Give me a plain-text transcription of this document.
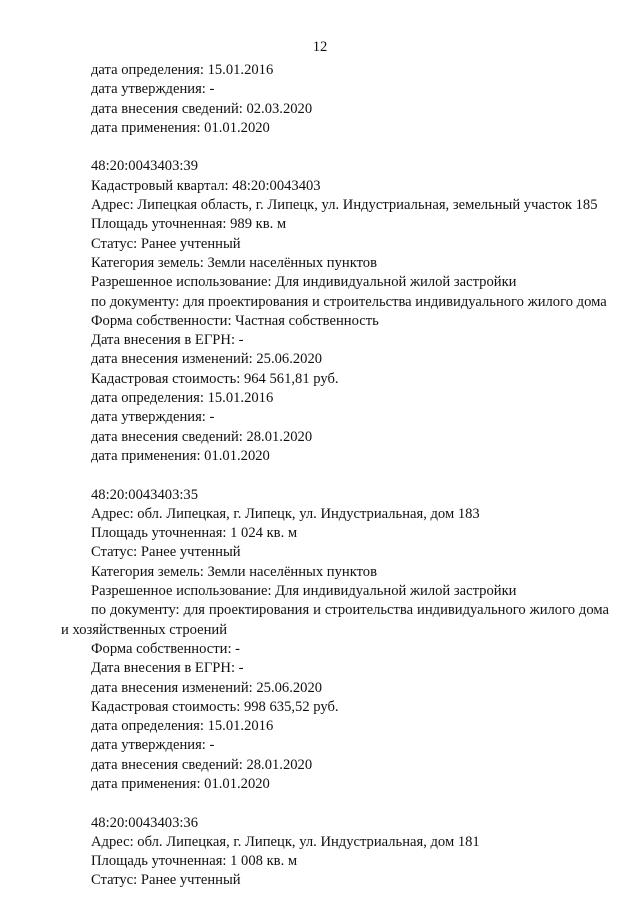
12
дата определения: 15.01.2016
дата утверждения: -
дата внесения сведений: 02.03.2020
дата применения: 01.01.2020
48:20:0043403:39
Кадастровый квартал: 48:20:0043403
Адрес: Липецкая область, г. Липецк, ул. Индустриальная, земельный участок 185
Площадь уточненная: 989 кв. м
Статус: Ранее учтенный
Категория земель: Земли населённых пунктов
Разрешенное использование: Для индивидуальной жилой застройки
по документу: для проектирования и строительства индивидуального жилого дома
Форма собственности: Частная собственность
Дата внесения в ЕГРН: -
дата внесения изменений: 25.06.2020
Кадастровая стоимость: 964 561,81 руб.
дата определения: 15.01.2016
дата утверждения: -
дата внесения сведений: 28.01.2020
дата применения: 01.01.2020
48:20:0043403:35
Адрес: обл. Липецкая, г. Липецк, ул. Индустриальная, дом 183
Площадь уточненная: 1 024 кв. м
Статус: Ранее учтенный
Категория земель: Земли населённых пунктов
Разрешенное использование: Для индивидуальной жилой застройки
по документу: для проектирования и строительства индивидуального жилого дома и хозяйственных строений
Форма собственности: -
Дата внесения в ЕГРН: -
дата внесения изменений: 25.06.2020
Кадастровая стоимость: 998 635,52 руб.
дата определения: 15.01.2016
дата утверждения: -
дата внесения сведений: 28.01.2020
дата применения: 01.01.2020
48:20:0043403:36
Адрес: обл. Липецкая, г. Липецк, ул. Индустриальная, дом 181
Площадь уточненная: 1 008 кв. м
Статус: Ранее учтенный
